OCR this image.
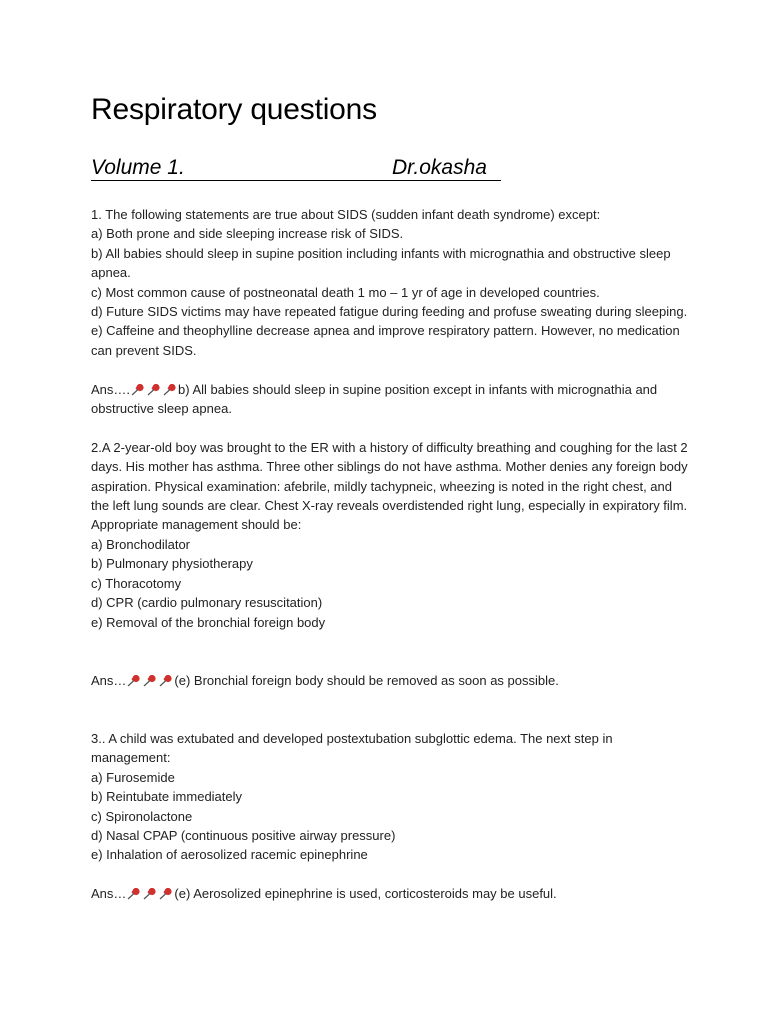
Respiratory questions
Volume 1.	Dr.okasha

1. The following statements are true about SIDS (sudden infant death syndrome) except:

a) Both prone and side sleeping increase risk of SIDS.

b) All babies should sleep in supine position including infants with micrognathia and obstructive sleep apnea.

c) Most common cause of postneonatal death 1 mo – 1 yr of age in developed countries.

d) Future SIDS victims may have repeated fatigue during feeding and profuse sweating during sleeping.

e) Caffeine and theophylline decrease apnea and improve respiratory pattern. However, no medication can prevent SIDS.

Ans….	b) All babies should sleep in supine position except in infants with micrognathia and obstructive sleep apnea.

2.A 2-year-old boy was brought to the ER with a history of difficulty breathing and coughing for the last 2 days. His mother has asthma. Three other siblings do not have asthma. Mother denies any foreign body aspiration. Physical examination: afebrile, mildly tachypneic, wheezing is noted in the right chest, and the left lung sounds are clear. Chest X-ray reveals overdistended right lung, especially in expiratory film. Appropriate management should be:

a) Bronchodilator

b) Pulmonary physiotherapy

c) Thoracotomy

d) CPR (cardio pulmonary resuscitation)

e) Removal of the bronchial foreign body

Ans…	(e) Bronchial foreign body should be removed as soon as possible.

3.. A child was extubated and developed postextubation subglottic edema. The next step in management:

a) Furosemide

b) Reintubate immediately

c) Spironolactone

d) Nasal CPAP (continuous positive airway pressure)

e) Inhalation of aerosolized racemic epinephrine

Ans…	(e) Aerosolized epinephrine is used, corticosteroids may be useful.
